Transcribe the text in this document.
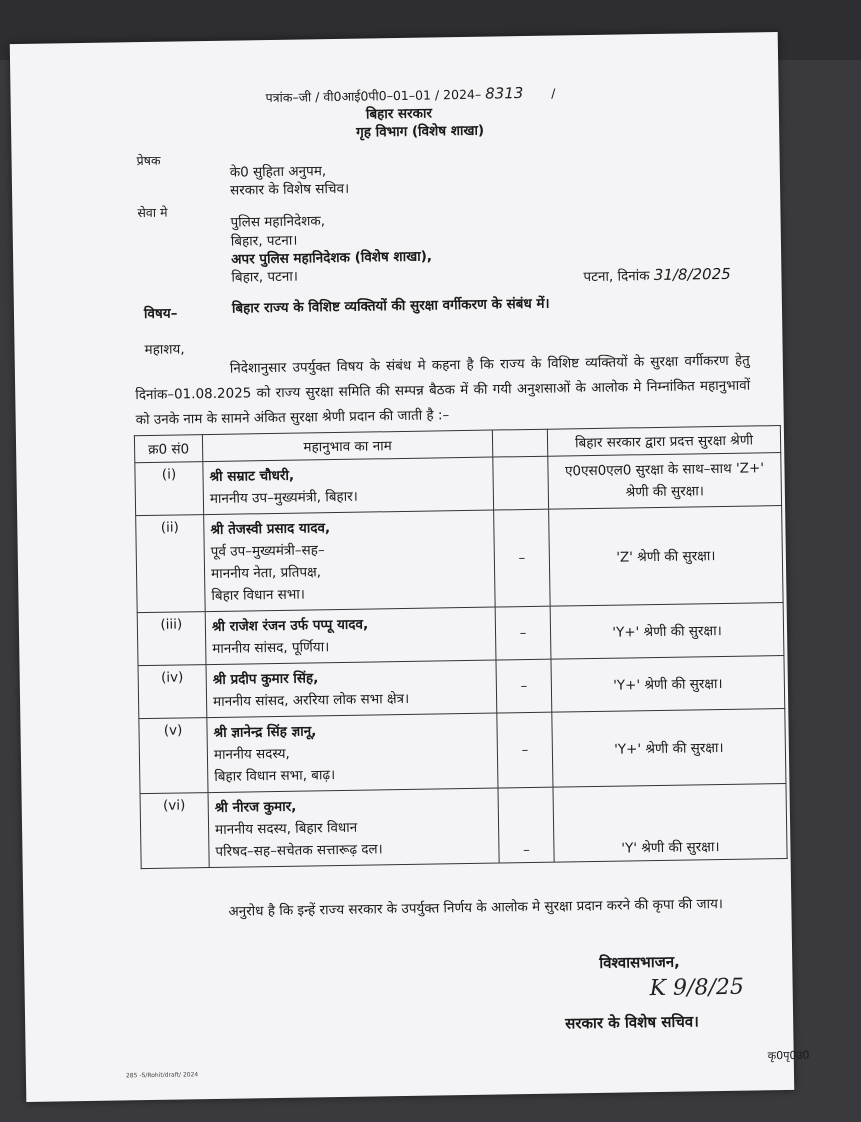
पत्रांक–जी / वी0आई0पी0–01–01 / 2024– 8313 /
बिहार सरकार
गृह विभाग (विशेष शाखा)
प्रेषक
के0 सुहिता अनुपम,
सरकार के विशेष सचिव।
सेवा मे
पुलिस महानिदेशक,
बिहार, पटना।
अपर पुलिस महानिदेशक (विशेष शाखा),
बिहार, पटना।	पटना, दिनांक 31/8/2025
विषय–	बिहार राज्य के विशिष्ट व्यक्तियों की सुरक्षा वर्गीकरण के संबंध में।
महाशय,
निदेशानुसार उपर्युक्त विषय के संबंध मे कहना है कि राज्य के विशिष्ट व्यक्तियों के सुरक्षा वर्गीकरण हेतु दिनांक–01.08.2025 को राज्य सुरक्षा समिति की सम्पन्न बैठक में की गयी अनुशसाओं के आलोक मे निम्नांकित महानुभावों को उनके नाम के सामने अंकित सुरक्षा श्रेणी प्रदान की जाती है :–
क्र0 सं0	महानुभाव का नाम		बिहार सरकार द्वारा प्रदत्त सुरक्षा श्रेणी
(i)	श्री सम्राट चौधरी,
माननीय उप–मुख्यमंत्री, बिहार।		ए0एस0एल0 सुरक्षा के साथ–साथ 'Z+' श्रेणी की सुरक्षा।
(ii)	श्री तेजस्वी प्रसाद यादव,
पूर्व उप–मुख्यमंत्री–सह–
माननीय नेता, प्रतिपक्ष,
बिहार विधान सभा।	–	'Z' श्रेणी की सुरक्षा।
(iii)	श्री राजेश रंजन उर्फ पप्पू यादव,
माननीय सांसद, पूर्णिया।	–	'Y+' श्रेणी की सुरक्षा।
(iv)	श्री प्रदीप कुमार सिंह,
माननीय सांसद, अररिया लोक सभा क्षेत्र।	–	'Y+' श्रेणी की सुरक्षा।
(v)	श्री ज्ञानेन्द्र सिंह ज्ञानू,
माननीय सदस्य,
बिहार विधान सभा, बाढ़।	–	'Y+' श्रेणी की सुरक्षा।
(vi)	श्री नीरज कुमार,
माननीय सदस्य, बिहार विधान
परिषद–सह–सचेतक सत्तारूढ़ दल।	–	'Y' श्रेणी की सुरक्षा।
अनुरोध है कि इन्हें राज्य सरकार के उपर्युक्त निर्णय के आलोक मे सुरक्षा प्रदान करने की कृपा की जाय।
विश्वासभाजन,
K 9/8/25
सरकार के विशेष सचिव।
कृ0पृ0उ0
285 -S/Rohit/draft/ 2024
